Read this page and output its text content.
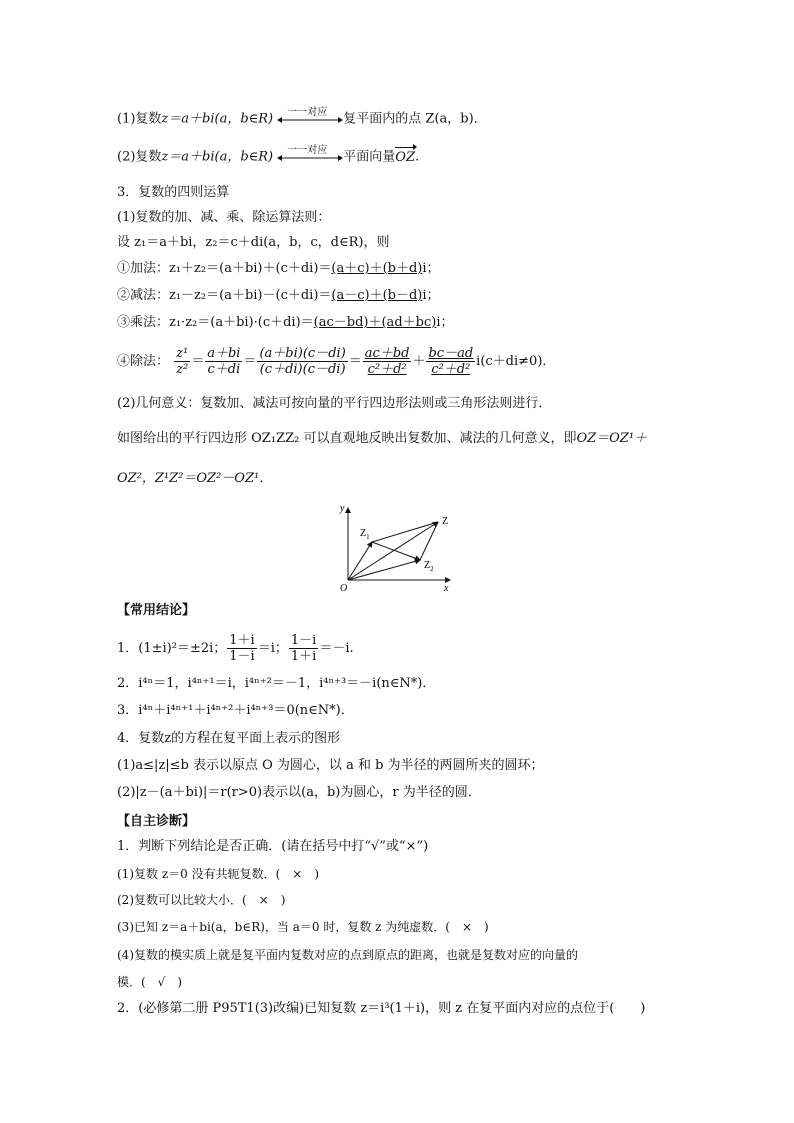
(1)复数z＝a＋bi(a，b∈R) 一一对应 复平面内的点 Z(a，b)．
(2)复数z＝a＋bi(a，b∈R) 一一对应 平面向量OZ.
3．复数的四则运算
(1)复数的加、减、乘、除运算法则：
设 z₁＝a＋bi，z₂＝c＋di(a，b，c，d∈R)，则
①加法：z₁＋z₂＝(a＋bi)＋(c＋di)＝(a＋c)＋(b＋d)i；
②减法：z₁－z₂＝(a＋bi)－(c＋di)＝(a－c)＋(b－d)i；
③乘法：z₁·z₂＝(a＋bi)·(c＋di)＝(ac－bd)＋(ad＋bc)i；
④除法： $\frac{\text{z¹}}{\text{z²}} = \frac{a+bi}{c+di} = \frac{(a+bi)(c-di)}{(c+di)(c-di)} = \frac{ac+bd}{\text{c²＋d²}} + \frac{bc-ad}{\text{c²＋d²}} i(c+di\ne 0)$．
(2)几何意义：复数加、减法可按向量的平行四边形法则或三角形法则进行．
如图给出的平行四边形 OZ₁ZZ₂ 可以直观地反映出复数加、减法的几何意义，即OZ＝OZ¹＋
OZ²，Z¹Z²＝OZ²－OZ¹．
y
x
O
Z
$Z_1$
$Z_2$
【常用结论】
1．(1±i)²＝±2i； $\frac{1+i}{1-i} =i$； $\frac{1-i}{1+i} =-i$.
2．i⁴ⁿ＝1，i⁴ⁿ⁺¹＝i，i⁴ⁿ⁺²＝－1，i⁴ⁿ⁺³＝－i(n∈N*)．
3．i⁴ⁿ＋i⁴ⁿ⁺¹＋i⁴ⁿ⁺²＋i⁴ⁿ⁺³＝0(n∈N*)．
4．复数z的方程在复平面上表示的图形
(1)a≤|z|≤b 表示以原点 O 为圆心，以 a 和 b 为半径的两圆所夹的圆环；
(2)|z－(a＋bi)|＝r(r>0)表示以(a，b)为圆心，r 为半径的圆．
【自主诊断】
1．判断下列结论是否正确．(请在括号中打“√”或“×”)
(1)复数 z＝0 没有共轭复数．(　×　)
(2)复数可以比较大小．(　×　)
(3)已知 z＝a＋bi(a，b∈R)，当 a＝0 时，复数 z 为纯虚数．(　×　)
(4)复数的模实质上就是复平面内复数对应的点到原点的距离，也就是复数对应的向量的
模．(　√　)
2．(必修第二册 P95T1(3)改编)已知复数 z＝i³(1＋i)，则 z 在复平面内对应的点位于(　　)
